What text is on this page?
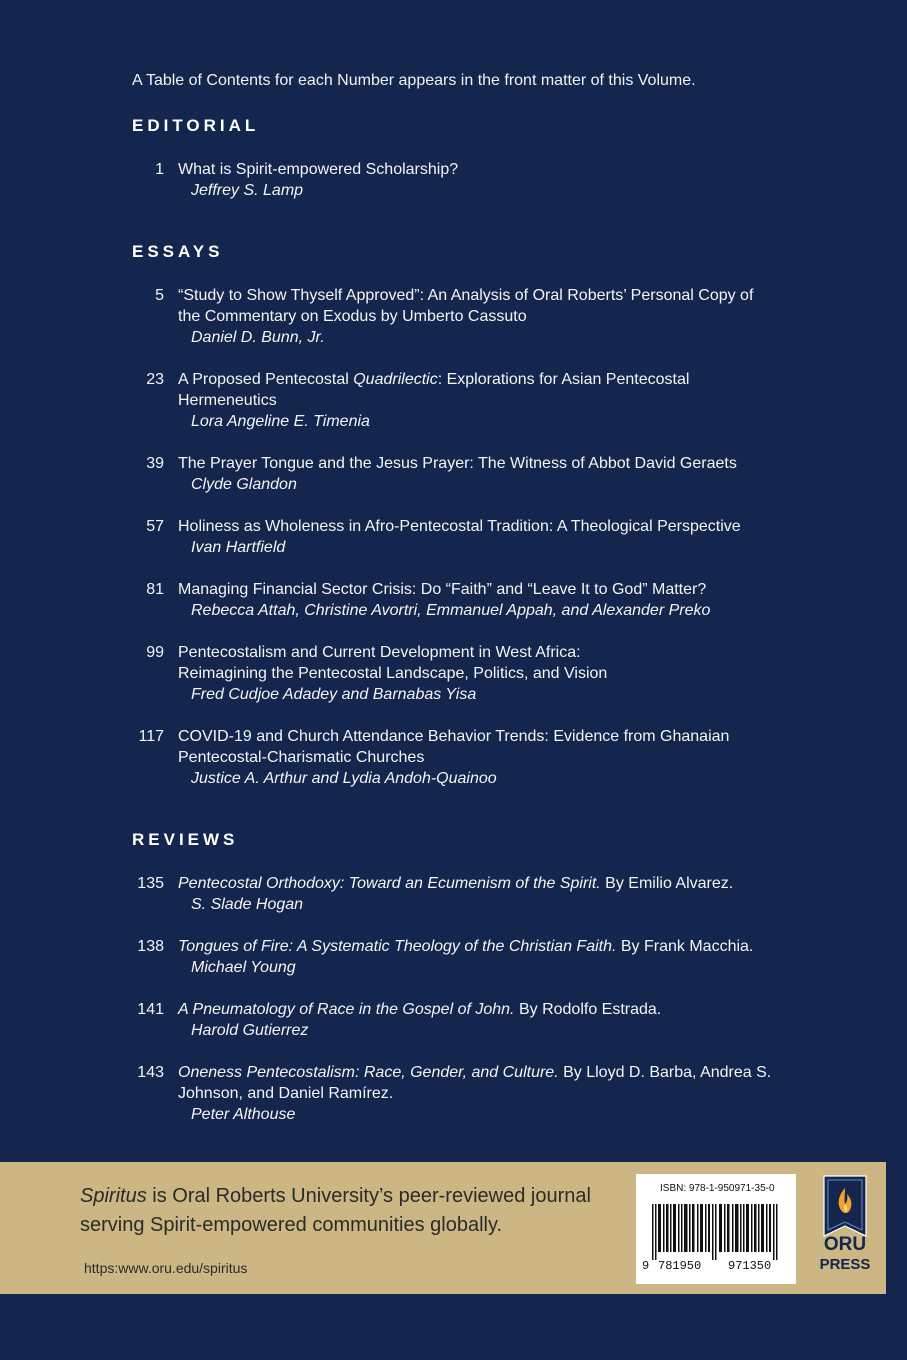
A Table of Contents for each Number appears in the front matter of this Volume.
EDITORIAL
1 What is Spirit-empowered Scholarship?
Jeffrey S. Lamp
ESSAYS
5 “Study to Show Thyself Approved”: An Analysis of Oral Roberts’ Personal Copy of
the Commentary on Exodus by Umberto Cassuto
Daniel D. Bunn, Jr.
23 A Proposed Pentecostal Quadrilectic: Explorations for Asian Pentecostal
Hermeneutics
Lora Angeline E. Timenia
39 The Prayer Tongue and the Jesus Prayer: The Witness of Abbot David Geraets
Clyde Glandon
57 Holiness as Wholeness in Afro-Pentecostal Tradition: A Theological Perspective
Ivan Hartfield
81 Managing Financial Sector Crisis: Do “Faith” and “Leave It to God” Matter?
Rebecca Attah, Christine Avortri, Emmanuel Appah, and Alexander Preko
99 Pentecostalism and Current Development in West Africa:
Reimagining the Pentecostal Landscape, Politics, and Vision
Fred Cudjoe Adadey and Barnabas Yisa
117 COVID-19 and Church Attendance Behavior Trends: Evidence from Ghanaian
Pentecostal-Charismatic Churches
Justice A. Arthur and Lydia Andoh-Quainoo
REVIEWS
135 Pentecostal Orthodoxy: Toward an Ecumenism of the Spirit. By Emilio Alvarez.
S. Slade Hogan
138 Tongues of Fire: A Systematic Theology of the Christian Faith. By Frank Macchia.
Michael Young
141 A Pneumatology of Race in the Gospel of John. By Rodolfo Estrada.
Harold Gutierrez
143 Oneness Pentecostalism: Race, Gender, and Culture. By Lloyd D. Barba, Andrea S.
Johnson, and Daniel Ramírez.
Peter Althouse
Spiritus is Oral Roberts University’s peer-reviewed journal
serving Spirit-empowered communities globally.
https:www.oru.edu/spiritus
ISBN: 978-1-950971-35-0
9 781950 971350
ORU
PRESS
